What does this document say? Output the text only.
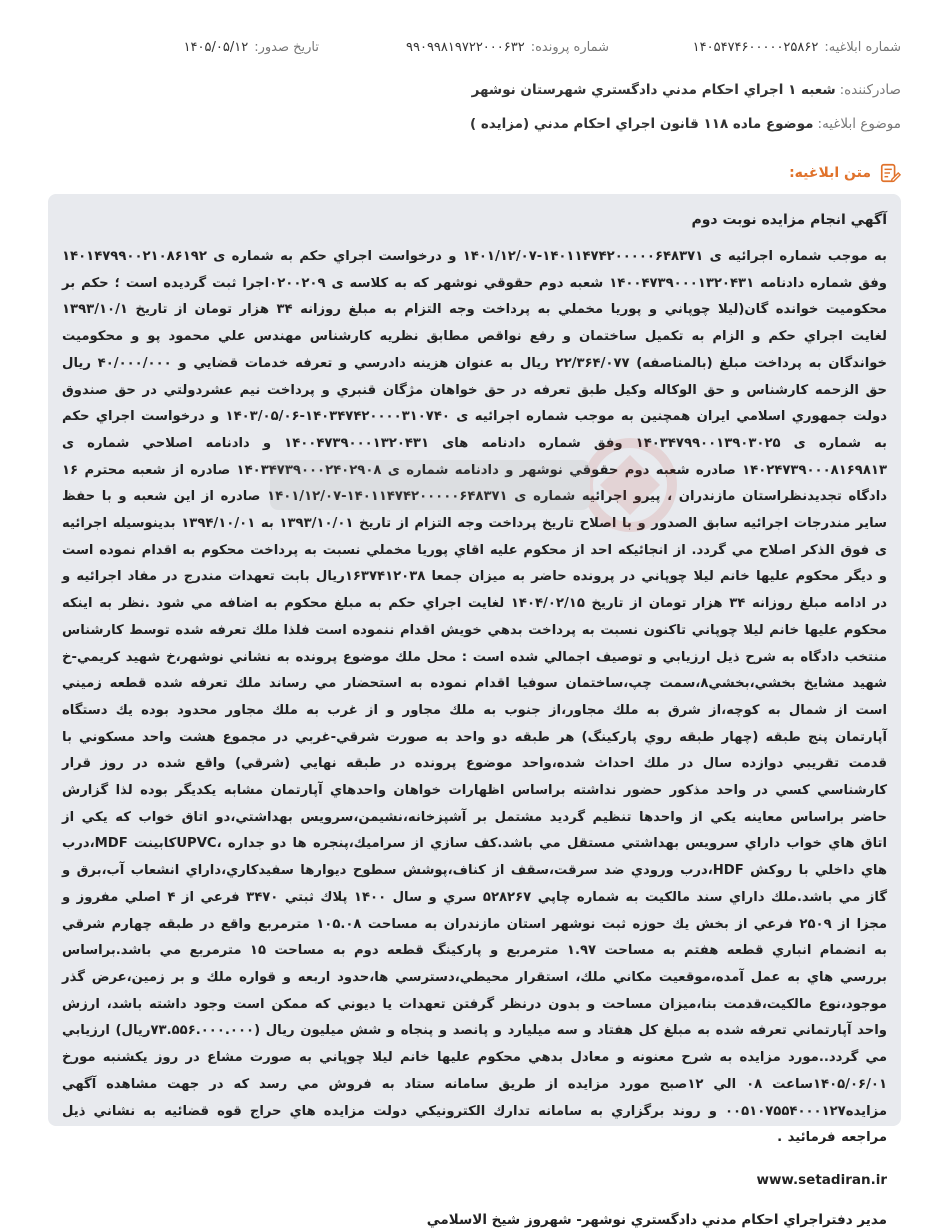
شماره ابلاغیه:۱۴۰۵۴۷۴۶۰۰۰۰۰۲۵۸۶۲
شماره پرونده:۹۹۰۹۹۸۱۹۷۲۲۰۰۰۶۳۲
تاریخ صدور:۱۴۰۵/۰۵/۱۲
صادرکننده:شعبه ۱ اجراي احكام مدني دادگستري شهرستان نوشهر
موضوع ابلاغیه:موضوع ماده ۱۱۸ قانون اجراي احكام مدني (مزايده )
متن ابلاغیه:

آگهي انجام مزايده نوبت دوم

به موجب شماره اجرائيه ی ۱۴۰۱۱۴۷۴۲۰۰۰۰۰۶۴۸۳۷۱-۱۴۰۱/۱۲/۰۷ و درخواست اجراي حكم به شماره ی ۱۴۰۱۴۷۹۹۰۰۲۱۰۸۶۱۹۲ وفق شماره دادنامه ۱۴۰۰۴۷۳۹۰۰۰۱۳۲۰۴۳۱ شعبه دوم حقوقي نوشهر كه به كلاسه ی ۰۲۰۰۲۰۹اجرا ثبت گرديده است ؛ حكم بر محكوميت خوانده گان(ليلا چوپاني و پوريا مخملي به پرداخت وجه التزام به مبلغ روزانه ۳۴ هزار تومان از تاريخ ۱۳۹۳/۱۰/۱ لغايت اجراي حكم و الزام به تكميل ساختمان و رفع نواقص مطابق نظريه كارشناس مهندس علي محمود پو و محكوميت خواندگان به پرداخت مبلغ (بالمناصفه) ۲۲/۳۶۴/۰۷۷ ريال به عنوان هزينه دادرسي و تعرفه خدمات قضايي و ۴۰/۰۰۰/۰۰۰ ريال حق الزحمه كارشناس و حق الوكاله وكيل طبق تعرفه در حق خواهان مژگان قنبري و پرداخت نيم عشردولتي در حق صندوق دولت جمهوري اسلامي ايران همچنين به موجب شماره اجرائيه ی ۱۴۰۳۴۷۴۲۰۰۰۰۳۱۰۷۴۰-۱۴۰۳/۰۵/۰۶ و درخواست اجراي حكم به شماره ی ۱۴۰۳۴۷۹۹۰۰۱۳۹۰۳۰۲۵ وفق شماره دادنامه های ۱۴۰۰۴۷۳۹۰۰۰۱۳۲۰۴۳۱ و دادنامه اصلاحي شماره ی ۱۴۰۲۴۷۳۹۰۰۰۸۱۶۹۸۱۳ صادره شعبه دوم حقوقي نوشهر و دادنامه شماره ی ۱۴۰۳۴۷۳۹۰۰۰۲۴۰۲۹۰۸ صادره از شعبه محترم ۱۶ دادگاه تجديدنظراستان مازندران ، پيرو اجرائيه شماره ی ۱۴۰۱۱۴۷۴۲۰۰۰۰۰۶۴۸۳۷۱-۱۴۰۱/۱۲/۰۷ صادره از اين شعبه و با حفظ ساير مندرجات اجرائيه سابق الصدور و با اصلاح تاريخ پرداخت وجه التزام از تاريخ ۱۳۹۳/۱۰/۰۱ به ۱۳۹۴/۱۰/۰۱ بدينوسيله اجرائيه ی فوق الذكر اصلاح مي گردد. از انجائيكه احد از محكوم عليه اقاي پوريا مخملي نسبت به پرداخت محكوم به اقدام نموده است و ديگر محكوم عليها خانم ليلا چوپاني در پرونده حاضر به ميزان جمعا ۱۶۳۷۴۱۲۰۳۸ريال بابت تعهدات مندرج در مفاد اجرائيه و در ادامه مبلغ روزانه ۳۴ هزار تومان از تاريخ ۱۴۰۴/۰۲/۱۵ لغايت اجراي حكم به مبلغ محكوم به اضافه مي شود .نظر به اينكه محكوم عليها خانم ليلا چوپاني تاكنون نسبت به پرداخت بدهي خويش اقدام ننموده است فلذا ملك تعرفه شده توسط كارشناس منتخب دادگاه به شرح ذيل ارزيابي و توصيف اجمالي شده است : محل ملك موضوع پرونده به نشاني نوشهر،خ شهيد كريمي-خ شهيد مشايخ بخشي،بخشي۸،سمت چپ،ساختمان سوفيا اقدام نموده به استحضار مي رساند ملك تعرفه شده قطعه زميني است از شمال به كوچه،از شرق به ملك مجاور،از جنوب به ملك مجاور و از غرب به ملك مجاور محدود بوده يك دستگاه آپارتمان پنج طبقه (چهار طبقه روي پاركينگ) هر طبقه دو واحد به صورت شرقي-غربي در مجموع هشت واحد مسكوني با قدمت تقريبي دوازده سال در ملك احداث شده،واحد موضوع پرونده در طبقه نهايي (شرقي) واقع شده در روز قرار كارشناسي كسي در واحد مذكور حضور نداشته براساس اظهارات خواهان واحدهاي آپارتمان مشابه يكديگر بوده لذا گزارش حاضر براساس معاينه يكي از واحدها تنظيم گرديد مشتمل بر آشپزخانه،نشيمن،سرويس بهداشتي،دو اتاق خواب كه يكي از اتاق هاي خواب داراي سرويس بهداشتي مستقل مي باشد.كف سازي از سراميك،پنجره ها دو جداره ،UPVCكابينت MDF،درب هاي داخلي با روكش HDF،درب ورودي ضد سرقت،سقف از كناف،پوشش سطوح ديوارها سفيدكاري،داراي انشعاب آب،برق و گاز مي باشد.ملك داراي سند مالكيت به شماره چاپي ۵۲۸۲۶۷ سري و سال ۱۴۰۰ پلاك ثبتي ۳۴۷۰ فرعي از ۴ اصلي مفروز و مجزا از ۲۵۰۹ فرعي از بخش يك حوزه ثبت نوشهر استان مازندران به مساحت ۱۰۵.۰۸ مترمربع واقع در طبقه چهارم شرقي به انضمام انباري قطعه هفتم به مساحت ۱.۹۷ مترمربع و پاركينگ قطعه دوم به مساحت ۱۵ مترمربع مي باشد.براساس بررسي هاي به عمل آمده،موقعيت مكاني ملك، استقرار محيطي،دسترسي ها،حدود اربعه و قواره ملك و بر زمين،عرض گذر موجود،نوع مالكيت،قدمت بنا،ميزان مساحت و بدون درنظر گرفتن تعهدات يا ديوني كه ممكن است وجود داشته باشد، ارزش واحد آپارتماني تعرفه شده به مبلغ كل هفتاد و سه ميليارد و پانصد و پنجاه و شش ميليون ريال (۷۳.۵۵۶.۰۰۰.۰۰۰ريال) ارزيابي مي گردد..مورد مزايده به شرح معنونه و معادل بدهي محكوم عليها خانم ليلا چوپاني به صورت مشاع در روز يكشنبه مورخ ۱۴۰۵/۰۶/۰۱ساعت ۰۸ الي ۱۲صبح مورد مزايده از طريق سامانه ستاد به فروش مي رسد كه در جهت مشاهده آگهي مزايده۰۰۵۱۰۷۵۵۴۰۰۰۱۲۷ و روند برگزاري به سامانه تدارك الكترونيكي دولت مزايده هاي حراج قوه قضائيه به نشاني ذيل مراجعه فرمائيد .

www.setadiran.ir
مدير دفتراجراي احكام مدني دادگستري نوشهر- شهروز شيخ الاسلامي
